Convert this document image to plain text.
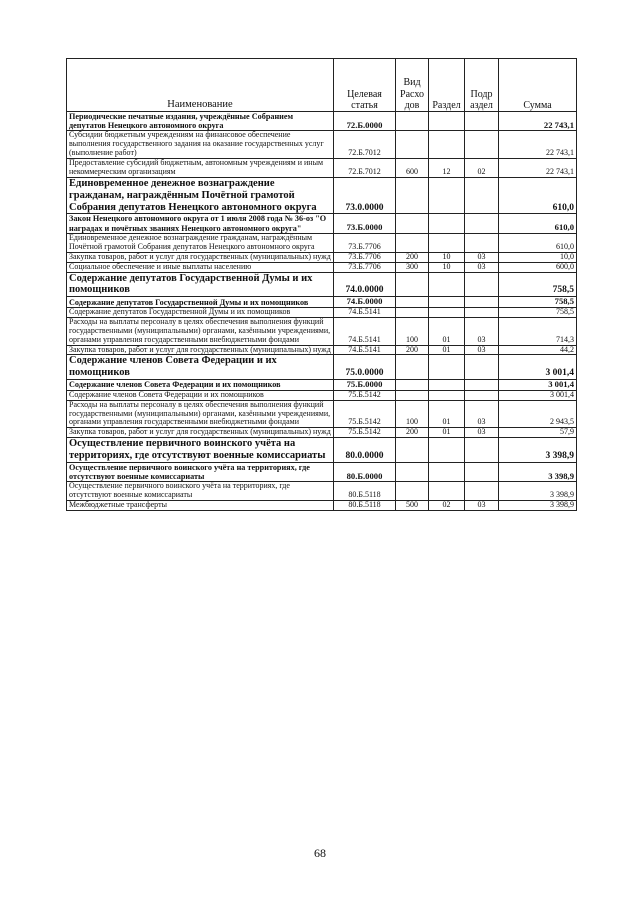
Наименование	Целевая статья	Вид Расхо дов	Раздел	Подр аздел	Сумма
Периодические печатные издания, учреждённые Собранием депутатов Ненецкого автономного округа	72.Б.0000				22 743,1
Субсидии бюджетным учреждениям на финансовое обеспечение выполнения государственного задания на оказание государственных услуг (выполнение работ)	72.Б.7012				22 743,1
Предоставление субсидий бюджетным, автономным учреждениям и иным некоммерческим организациям	72.Б.7012	600	12	02	22 743,1
Единовременное денежное вознаграждение гражданам, награждённым Почётной грамотой Собрания депутатов Ненецкого автономного округа	73.0.0000				610,0
Закон Ненецкого автономного округа от 1 июля 2008 года № 36-оз "О наградах и почётных званиях Ненецкого автономного округа"	73.Б.0000				610,0
Единовременное денежное вознаграждение гражданам, награждённым Почётной грамотой Собрания депутатов Ненецкого автономного округа	73.Б.7706				610,0
Закупка товаров, работ и услуг для государственных (муниципальных) нужд	73.Б.7706	200	10	03	10,0
Социальное обеспечение и иные выплаты населению	73.Б.7706	300	10	03	600,0
Содержание депутатов Государственной Думы и их помощников	74.0.0000				758,5
Содержание депутатов Государственной Думы и их помощников	74.Б.0000				758,5
Содержание депутатов Государственной Думы и их помощников	74.Б.5141				758,5
Расходы на выплаты персоналу в целях обеспечения выполнения функций государственными (муниципальными) органами, казёнными учреждениями, органами управления государственными внебюджетными фондами	74.Б.5141	100	01	03	714,3
Закупка товаров, работ и услуг для государственных (муниципальных) нужд	74.Б.5141	200	01	03	44,2
Содержание членов Совета Федерации и их помощников	75.0.0000				3 001,4
Содержание членов Совета Федерации и их помощников	75.Б.0000				3 001,4
Содержание членов Совета Федерации и их помощников	75.Б.5142				3 001,4
Расходы на выплаты персоналу в целях обеспечения выполнения функций государственными (муниципальными) органами, казёнными учреждениями, органами управления государственными внебюджетными фондами	75.Б.5142	100	01	03	2 943,5
Закупка товаров, работ и услуг для государственных (муниципальных) нужд	75.Б.5142	200	01	03	57,9
Осуществление первичного воинского учёта на территориях, где отсутствуют военные комиссариаты	80.0.0000				3 398,9
Осуществление первичного воинского учёта на территориях, где отсутствуют военные комиссариаты	80.Б.0000				3 398,9
Осуществление первичного воинского учёта на территориях, где отсутствуют военные комиссариаты	80.Б.5118				3 398,9
Межбюджетные трансферты	80.Б.5118	500	02	03	3 398,9
68
